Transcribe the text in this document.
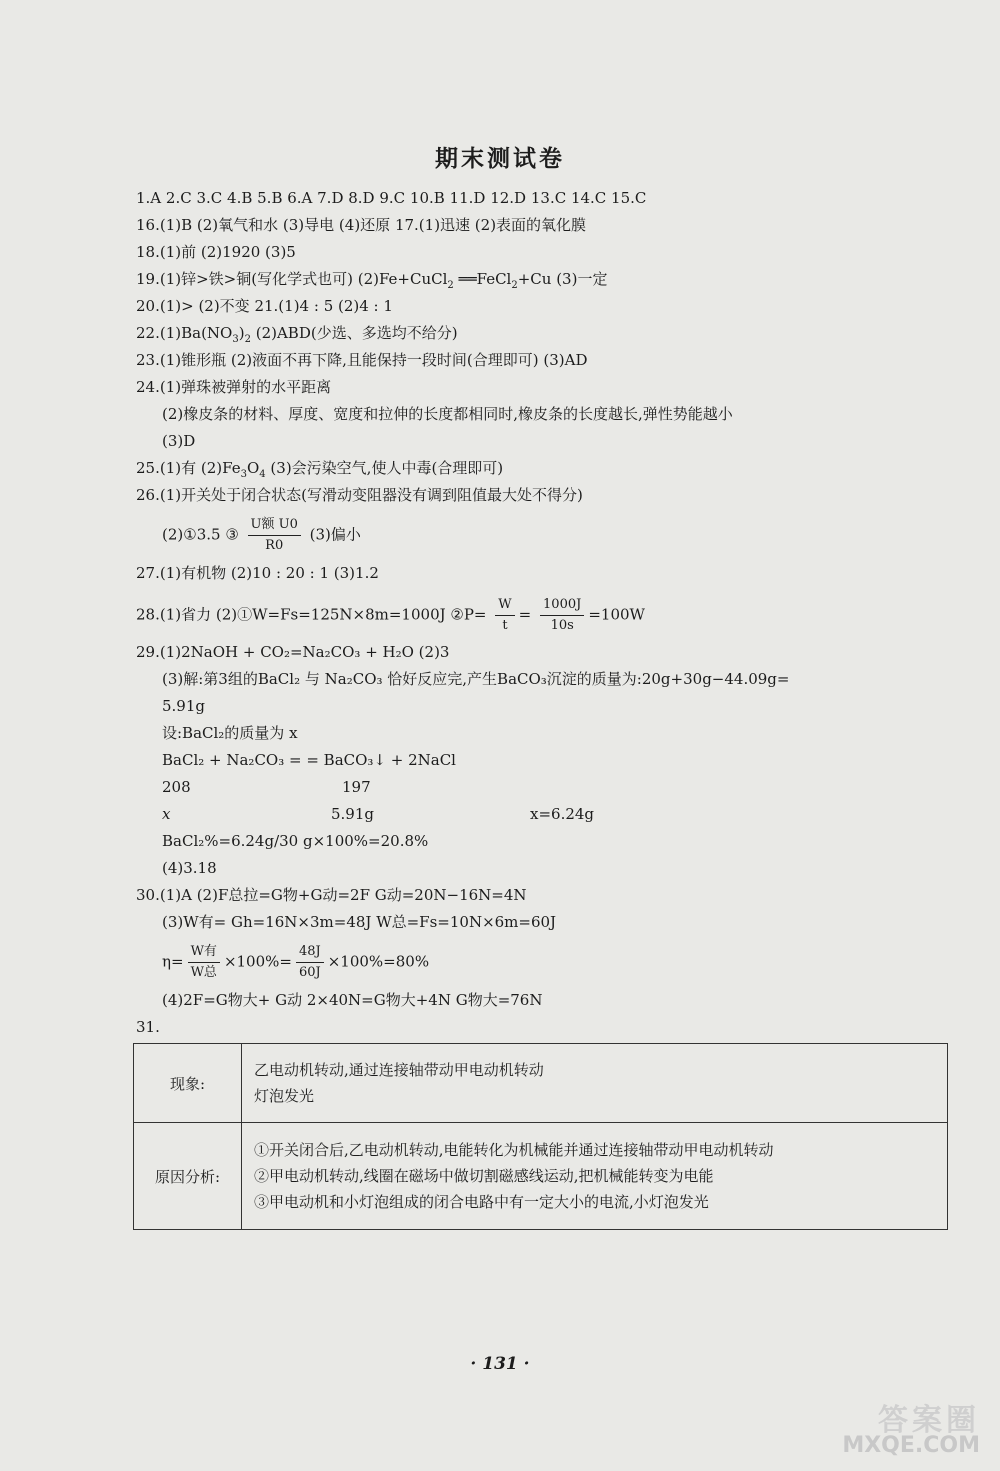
期末测试卷
1.A 2.C 3.C 4.B 5.B 6.A 7.D 8.D 9.C 10.B 11.D 12.D 13.C 14.C 15.C
16.(1)B (2)氧气和水 (3)导电 (4)还原 17.(1)迅速 (2)表面的氧化膜
18.(1)前 (2)1920 (3)5
19.(1)锌>铁>铜(写化学式也可) (2)Fe+CuCl$_2$ ══FeCl$_2$+Cu (3)一定
20.(1)> (2)不变 21.(1)4 : 5 (2)4 : 1
$22.(1)Ba(NO_3)_2$ (2)ABD(少选、多选均不给分)
23.(1)锥形瓶 (2)液面不再下降,且能保持一段时间(合理即可) (3)AD
24.(1)弹珠被弹射的水平距离
(2)橡皮条的材料、厚度、宽度和拉伸的长度都相同时,橡皮条的长度越长,弹性势能越小
(3)D
25.(1)有 $(2)Fe_3O_4$ (3)会污染空气,使人中毒(合理即可)
26.(1)开关处于闭合状态(写滑动变阻器没有调到阻值最大处不得分)
(2)①3.5 ③ $\frac{\text{U额 U0}}{R0} (3)$偏小
27.(1)有机物 (2)10 : 20 : 1 (3)1.2
28.(1)省力 (2)①W=Fs=125N×8m=1000J ②P= $\frac{W}{t} = \frac{1000J}{10s} =100W$
29.(1)2NaOH + CO₂=Na₂CO₃ + H₂O (2)3
(3)解:第3组的BaCl₂ 与 Na₂CO₃ 恰好反应完,产生BaCO₃沉淀的质量为:20g+30g−44.09g=
5.91g
设:BaCl₂的质量为 x
BaCl₂ + Na₂CO₃ = = BaCO₃↓ + 2NaCl
208	197
x	5.91g	x=6.24g
BaCl₂%=6.24g/30 g×100%=20.8%
(4)3.18
30.(1)A (2)F总拉=G物+G动=2F G动=20N−16N=4N
(3)W有= Gh=16N×3m=48J W总=Fs=10N×6m=60J
$\eta= \frac{\text{W有}}{\text{W总}} \times 100\%= \frac{48J}{60J} \times 100\%=80\%$
(4)2F=G物大+ G动 2×40N=G物大+4N G物大=76N
31.
现象:	乙电动机转动,通过连接轴带动甲电动机转动
灯泡发光

原因分析:	①开关闭合后,乙电动机转动,电能转化为机械能并通过连接轴带动甲电动机转动
②甲电动机转动,线圈在磁场中做切割磁感线运动,把机械能转变为电能
③甲电动机和小灯泡组成的闭合电路中有一定大小的电流,小灯泡发光
· 131 ·
答案圈
MXQE.COM
